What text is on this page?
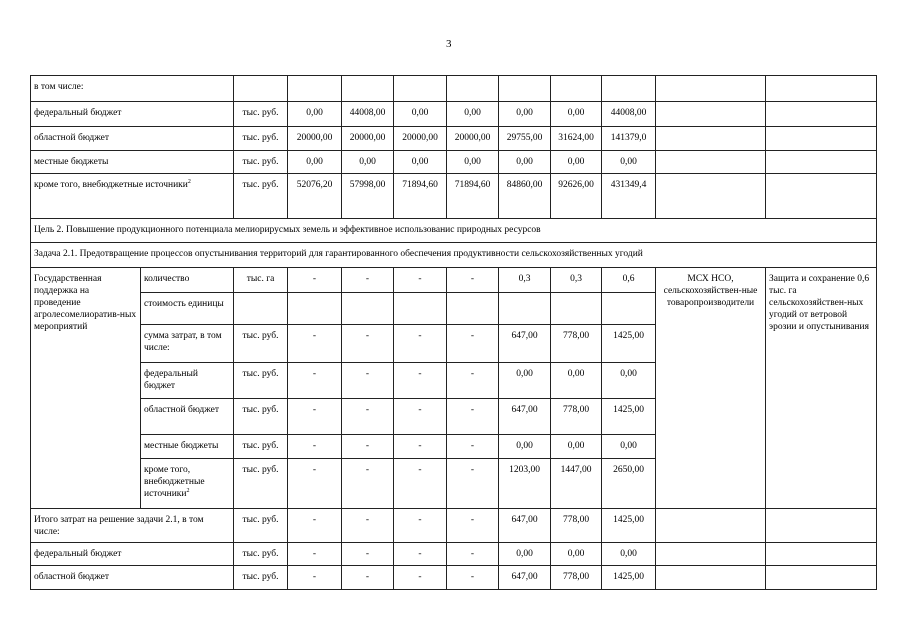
3
в том числе:											
федеральный бюджет		тыс. руб.	0,00	44008,00	0,00	0,00	0,00	0,00	44008,00		
областной бюджет		тыс. руб.	20000,00	20000,00	20000,00	20000,00	29755,00	31624,00	141379,0		
местные бюджеты		тыс. руб.	0,00	0,00	0,00	0,00	0,00	0,00	0,00		
кроме того, внебюджетные источники$^2$		тыс. руб.	52076,20	57998,00	71894,60	71894,60	84860,00	92626,00	431349,4		
Цель 2. Повышение продукционного потенциала мелиорирусмых земель и эффективное использованис природных ресурсов											
Задача 2.1. Предотвращение процессов опустынивания территорий для гарантированного обеспечения продуктивности сельскохозяйственных угодий											
Государственная поддержка на проведение агролесомелиоратив-ных мероприятий	количество	тыс. га	-	-	-	-	0,3	0,3	0,6	МСХ НСО, сельскохозяйствен-ные товаропроизводители	Защита и сохранение 0,6 тыс. га сельскохозяйствен-ных угодий от ветровой эрозии и опустынивания
	стоимость единицы										
	сумма затрат, в том числе:	тыс. руб.	-	-	-	-	647,00	778,00	1425,00		
	федеральный бюджет	тыс. руб.	-	-	-	-	0,00	0,00	0,00		
	областной бюджет	тыс. руб.	-	-	-	-	647,00	778,00	1425,00		
	местные бюджеты	тыс. руб.	-	-	-	-	0,00	0,00	0,00		
	кроме того, внебюджетные источники$^2$	тыс. руб.	-	-	-	-	1203,00	1447,00	2650,00		
Итого затрат на решение задачи 2.1, в том числе:		тыс. руб.	-	-	-	-	647,00	778,00	1425,00		
федеральный бюджет		тыс. руб.	-	-	-	-	0,00	0,00	0,00		
областной бюджет		тыс. руб.	-	-	-	-	647,00	778,00	1425,00		
